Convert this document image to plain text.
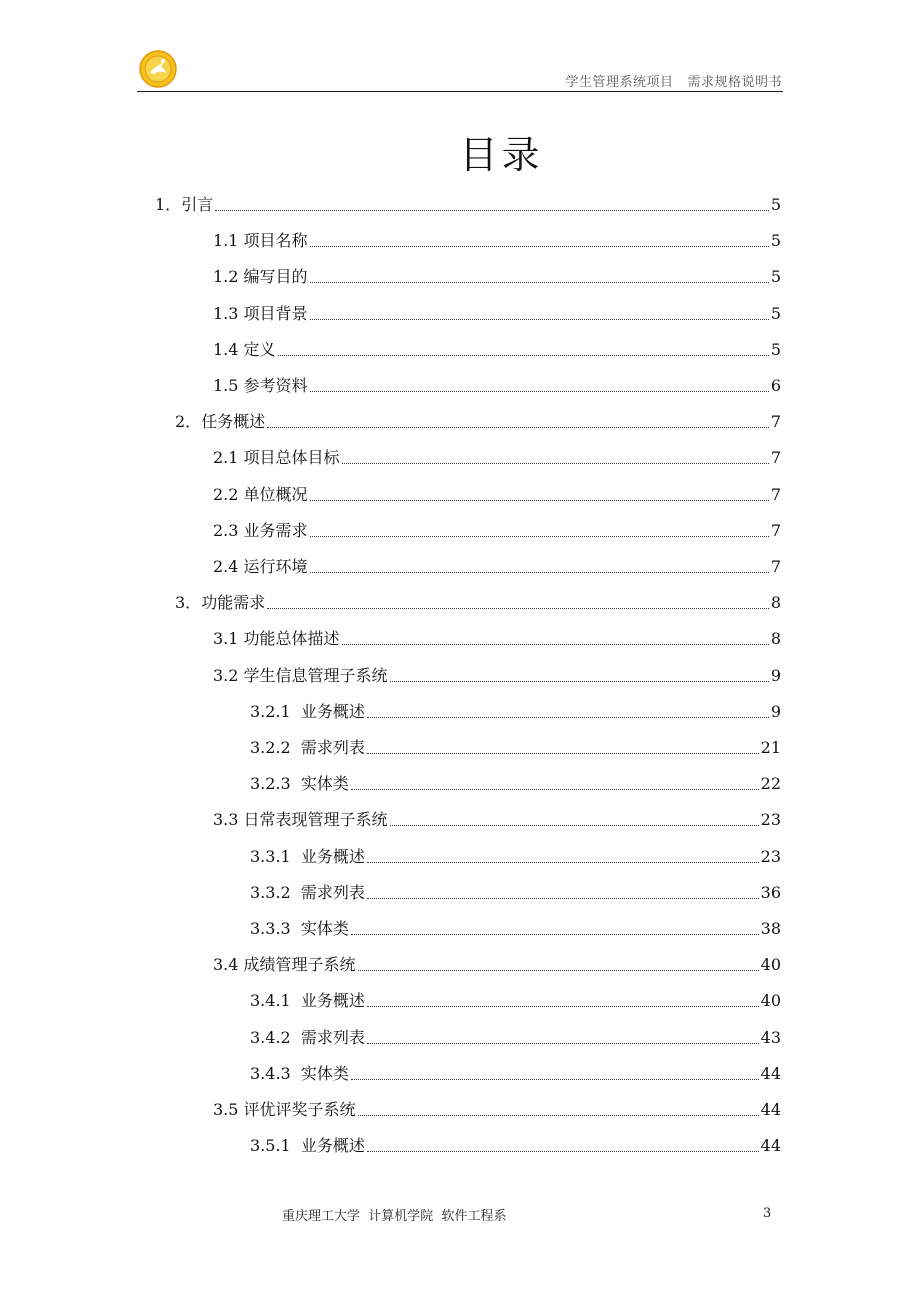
学生管理系统项目 需求规格说明书
目录
1． 引言	5
1.1 项目名称	5
1.2 编写目的	5
1.3 项目背景	5
1.4 定义	5
1.5 参考资料	6
2． 任务概述	7
2.1 项目总体目标	7
2.2 单位概况	7
2.3 业务需求	7
2.4 运行环境	7
3． 功能需求	8
3.1 功能总体描述	8
3.2 学生信息管理子系统	9
3.2.1 业务概述	9
3.2.2 需求列表	21
3.2.3 实体类	22
3.3 日常表现管理子系统	23
3.3.1 业务概述	23
3.3.2 需求列表	36
3.3.3 实体类	38
3.4 成绩管理子系统	40
3.4.1 业务概述	40
3.4.2 需求列表	43
3.4.3 实体类	44
3.5 评优评奖子系统	44
3.5.1 业务概述	44
重庆理工大学  计算机学院  软件工程系	3
